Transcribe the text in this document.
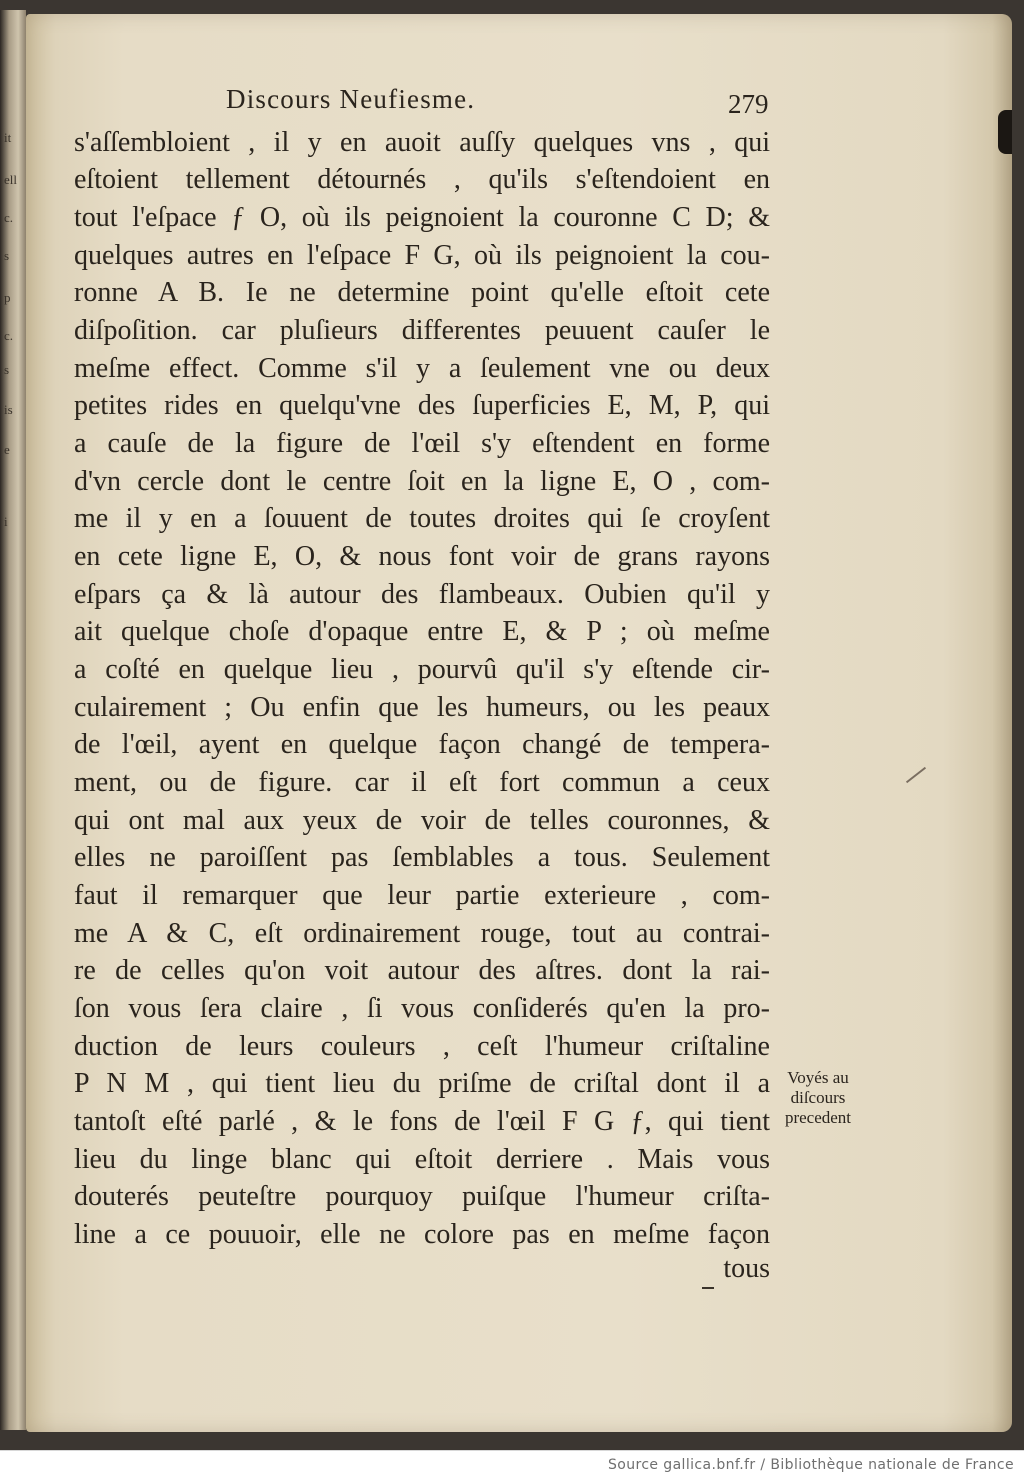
it
ell
c.
s
p
c.
s
is
e
i
Discours Neufiesme.	279
s'aſſembloient , il y en auoit auſſy quelques vns , qui
eſtoient tellement détournés , qu'ils s'eſtendoient en
tout l'eſpace ƒ O, où ils peignoient la couronne C D; &
quelques autres en l'eſpace F G, où ils peignoient la cou-
ronne A B. Ie ne determine point qu'elle eſtoit cete
diſpoſition. car pluſieurs differentes peuuent cauſer le
meſme effect. Comme s'il y a ſeulement vne ou deux
petites rides en quelqu'vne des ſuperficies E, M, P, qui
a cauſe de la figure de l'œil s'y eſtendent en forme
d'vn cercle dont le centre ſoit en la ligne E, O , com-
me il y en a ſouuent de toutes droites qui ſe croyſent
en cete ligne E, O, & nous font voir de grans rayons
eſpars ça & là autour des flambeaux. Oubien qu'il y
ait quelque choſe d'opaque entre E, & P ; où meſme
a coſté en quelque lieu , pourvû qu'il s'y eſtende cir-
culairement ; Ou enfin que les humeurs, ou les peaux
de l'œil, ayent en quelque façon changé de tempera-
ment, ou de figure. car il eſt fort commun a ceux
qui ont mal aux yeux de voir de telles couronnes, &
elles ne paroiſſent pas ſemblables a tous. Seulement
faut il remarquer que leur partie exterieure , com-
me A & C, eſt ordinairement rouge, tout au contrai-
re de celles qu'on voit autour des aſtres. dont la rai-
ſon vous ſera claire , ſi vous conſiderés qu'en la pro-
duction de leurs couleurs , ceſt l'humeur criſtaline
P N M , qui tient lieu du priſme de criſtal dont il a
tantoſt eſté parlé , & le fons de l'œil F G ƒ, qui tient
lieu du linge blanc qui eſtoit derriere . Mais vous
douterés peuteſtre pourquoy puiſque l'humeur criſta-
line a ce pouuoir, elle ne colore pas en meſme façon
tous
Voyés au
diſcours
precedent
Source gallica.bnf.fr / Bibliothèque nationale de France
